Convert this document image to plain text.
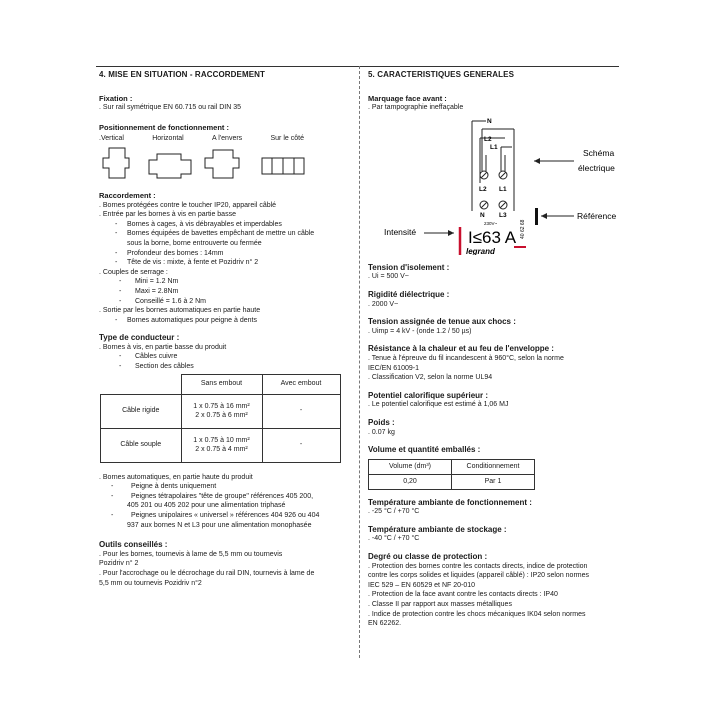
4. MISE EN SITUATION - RACCORDEMENT
Fixation :
. Sur rail symétrique EN 60.715 ou rail DIN 35
Positionnement de fonctionnement :
.Vertical	Horizontal	A l'envers	Sur le côté
Raccordement :
. Bornes protégées contre le toucher IP20, appareil câblé
. Entrée par les bornes à vis en partie basse
- Bornes à cages, à vis débrayables et imperdables
- Bornes équipées de bavettes empêchant de mettre un câble
sous la borne, borne entrouverte ou fermée
- Profondeur des bornes : 14mm
- Tête de vis : mixte, à fente et Pozidriv n° 2
. Couples de serrage :
- Mini = 1.2 Nm
- Maxi = 2.8Nm
- Conseillé = 1.6 à 2 Nm
. Sortie par les bornes automatiques en partie haute
- Bornes automatiques pour peigne à dents
Type de conducteur :
. Bornes à vis, en partie basse du produit
- Câbles cuivre
- Section des câbles
	Sans embout	Avec embout
Câble rigide	1 x 0.75 à 16 mm²
2 x 0.75 à 6 mm²	-
Câble souple	1 x 0.75 à 10 mm²
2 x 0.75 à 4 mm²	-
. Bornes automatiques, en partie haute du produit
- Peigne à dents uniquement
- Peignes tétrapolaires "tête de groupe" références 405 200,
405 201 ou 405 202 pour une alimentation triphasé
- Peignes unipolaires « universel » références 404 926 ou 404
937 aux bornes N et L3 pour une alimentation monophasée
Outils conseillés :
. Pour les bornes, tournevis à lame de 5,5 mm ou tournevis
Pozidriv n° 2
. Pour l'accrochage ou le décrochage du rail DIN, tournevis à lame de
5,5 mm ou tournevis Pozidriv n°2
5. CARACTERISTIQUES GENERALES
Marquage face avant :
. Par tampographie ineffaçable
N
L2
L1
L2 L1
N L3
230V~	40 62 68
I≤63 A
legrand
Schéma
électrique
Référence
Intensité
Tension d'isolement :
. Ui = 500 V~
Rigidité diélectrique :
. 2000 V~
Tension assignée de tenue aux chocs :
. Uimp = 4 kV - (onde 1.2 / 50 µs)
Résistance à la chaleur et au feu de l'enveloppe :
. Tenue à l'épreuve du fil incandescent à 960°C, selon la norme
IEC/EN 61009-1
. Classification V2, selon la norme UL94
Potentiel calorifique supérieur :
. Le potentiel calorifique est estimé à 1,06 MJ
Poids :
. 0.07 kg
Volume et quantité emballés :
Volume (dm³)	Conditionnement
0,20	Par 1
Température ambiante de fonctionnement :
. -25 °C / +70 °C
Température ambiante de stockage :
. -40 °C / +70 °C
Degré ou classe de protection :
. Protection des bornes contre les contacts directs, indice de protection
contre les corps solides et liquides (appareil câblé) : IP20 selon normes
IEC 529 – EN 60529 et NF 20-010
. Protection de la face avant contre les contacts directs : IP40
. Classe II par rapport aux masses métalliques
. Indice de protection contre les chocs mécaniques IK04 selon normes
EN 62262.
